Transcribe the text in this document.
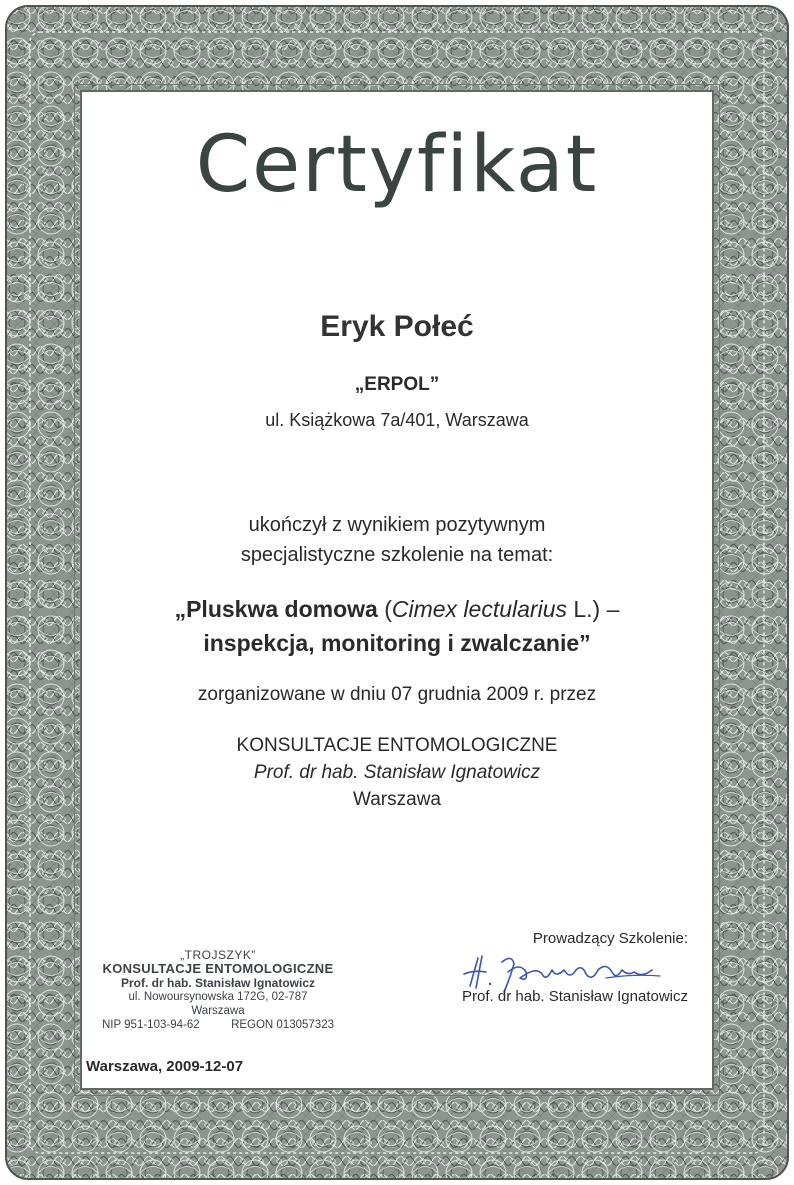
Certyfikat
Eryk Połeć
„ERPOL”
ul. Książkowa 7a/401, Warszawa
ukończył z wynikiem pozytywnym
specjalistyczne szkolenie na temat:
„Pluskwa domowa (Cimex lectularius L.) –
inspekcja, monitoring i zwalczanie”
zorganizowane w dniu 07 grudnia 2009 r. przez
KONSULTACJE ENTOMOLOGICZNE
Prof. dr hab. Stanisław Ignatowicz
Warszawa
„TROJSZYK”
KONSULTACJE ENTOMOLOGICZNE
Prof. dr hab. Stanisław Ignatowicz
ul. Nowoursynowska 172G, 02-787 Warszawa
NIP 951-103-94-62	REGON 013057323
Prowadzący Szkolenie:
Prof. dr hab. Stanisław Ignatowicz
Warszawa, 2009-12-07
